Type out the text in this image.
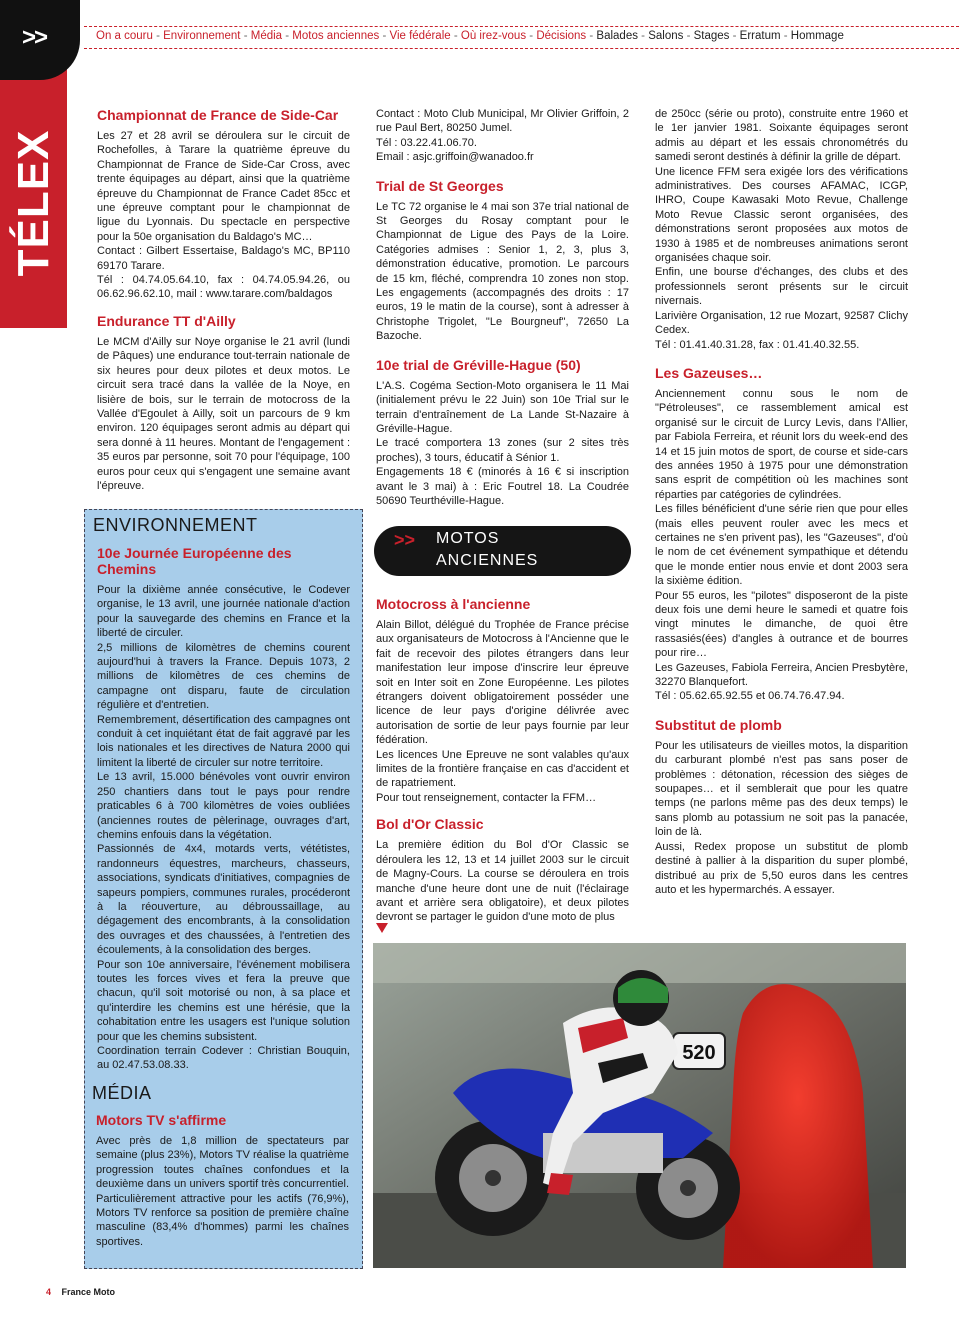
>>
TÉLEX
On a couru - Environnement - Média - Motos anciennes - Vie fédérale - Où irez-vous - Décisions - Balades - Salons - Stages - Erratum - Hommage
Championnat de France de Side-Car

Les 27 et 28 avril se déroulera sur le circuit de Rochefolles, à Tarare la quatrième épreuve du Championnat de France de Side-Car Cross, avec trente équipages au départ, ainsi que la quatrième épreuve du Championnat de France Cadet 85cc et une épreuve comptant pour le championnat de ligue du Lyonnais. Du spectacle en perspective pour la 50e organisation du Baldago's MC…

Contact : Gilbert Essertaise, Baldago's MC, BP110 69170 Tarare.

Tél : 04.74.05.64.10, fax : 04.74.05.94.26, ou 06.62.96.62.10, mail : www.tarare.com/baldagos

Endurance TT d'Ailly

Le MCM d'Ailly sur Noye organise le 21 avril (lundi de Pâques) une endurance tout-terrain nationale de six heures pour deux pilotes et deux motos. Le circuit sera tracé dans la vallée de la Noye, en lisière de bois, sur le terrain de motocross de la Vallée d'Egoulet à Ailly, soit un parcours de 9 km environ. 120 équipages seront admis au départ qui sera donné à 11 heures. Montant de l'engagement : 35 euros par personne, soit 70 pour l'équipage, 100 euros pour ceux qui s'engagent une semaine avant l'épreuve.

ENVIRONNEMENT
10e Journée Européenne des Chemins

Pour la dixième année consécutive, le Codever organise, le 13 avril, une journée nationale d'action pour la sauvegarde des chemins en France et la liberté de circuler.

2,5 millions de kilomètres de chemins courent aujourd'hui à travers la France. Depuis 1073, 2 millions de kilomètres de ces chemins de campagne ont disparu, faute de circulation régulière et d'entretien.

Remembrement, désertification des campagnes ont conduit à cet inquiétant état de fait aggravé par les lois nationales et les directives de Natura 2000 qui limitent la liberté de circuler sur notre territoire.

Le 13 avril, 15.000 bénévoles vont ouvrir environ 250 chantiers dans tout le pays pour rendre praticables 6 à 700 kilomètres de voies oubliées (anciennes routes de pèlerinage, ouvrages d'art, chemins enfouis dans la végétation.

Passionnés de 4x4, motards verts, vététistes, randonneurs équestres, marcheurs, chasseurs, associations, syndicats d'initiatives, compagnies de sapeurs pompiers, communes rurales, procéderont à la réouverture, au débroussaillage, au dégagement des encombrants, à la consolidation des ouvrages et des chaussées, à l'entretien des écoulements, à la consolidation des berges.

Pour son 10e anniversaire, l'événement mobilisera toutes les forces vives et fera la preuve que chacun, qu'il soit motorisé ou non, à sa place et qu'interdire les chemins est une hérésie, que la cohabitation entre les usagers est l'unique solution pour que les chemins subsistent.

Coordination terrain Codever : Christian Bouquin, au 02.47.53.08.33.

MÉDIA
Motors TV s'affirme

Avec près de 1,8 million de spectateurs par semaine (plus 23%), Motors TV réalise la quatrième progression toutes chaînes confondues et la deuxième dans un univers sportif très concurrentiel. Particulièrement attractive pour les actifs (76,9%), Motors TV renforce sa position de première chaîne masculine (83,4% d'hommes) parmi les chaînes sportives.

Contact : Moto Club Municipal, Mr Olivier Griffoin, 2 rue Paul Bert, 80250 Jumel.

Tél : 03.22.41.06.70.

Email : asjc.griffoin@wanadoo.fr

Trial de St Georges

Le TC 72 organise le 4 mai son 37e trial national de St Georges du Rosay comptant pour le Championnat de Ligue des Pays de la Loire. Catégories admises : Senior 1, 2, 3, plus 3, démonstration éducative, promotion. Le parcours de 15 km, fléché, comprendra 10 zones non stop. Les engagements (accompagnés des droits : 17 euros, 19 le matin de la course), sont à adresser à Christophe Trigolet, "Le Bourgneuf", 72650 La Bazoche.

10e trial de Gréville-Hague (50)

L'A.S. Cogéma Section-Moto organisera le 11 Mai (initialement prévu le 22 Juin) son 10e Trial sur le terrain d'entraînement de La Lande St-Nazaire à Gréville-Hague.

Le tracé comportera 13 zones (sur 2 sites très proches), 3 tours, éducatif à Sénior 1.

Engagements 18 € (minorés à 16 € si inscription avant le 3 mai) à : Eric Foutrel 18. La Coudrée 50690 Teurthéville-Hague.

>> MOTOS
ANCIENNES
Motocross à l'ancienne

Alain Billot, délégué du Trophée de France précise aux organisateurs de Motocross à l'Ancienne que le fait de recevoir des pilotes étrangers dans leur manifestation leur impose d'inscrire leur épreuve soit en Inter soit en Zone Européenne. Les pilotes étrangers doivent obligatoirement posséder une licence de leur pays d'origine délivrée avec autorisation de sortie de leur pays fournie par leur fédération.

Les licences Une Epreuve ne sont valables qu'aux limites de la frontière française en cas d'accident et de rapatriement.

Pour tout renseignement, contacter la FFM…

Bol d'Or Classic

La première édition du Bol d'Or Classic se déroulera les 12, 13 et 14 juillet 2003 sur le circuit de Magny-Cours. La course se déroulera en trois manche d'une heure dont une de nuit (l'éclairage avant et arrière sera obligatoire), et deux pilotes devront se partager le guidon d'une moto de plus

de 250cc (série ou proto), construite entre 1960 et le 1er janvier 1981. Soixante équipages seront admis au départ et les essais chronométrés du samedi seront destinés à définir la grille de départ.

Une licence FFM sera exigée lors des vérifications administratives. Des courses AFAMAC, ICGP, IHRO, Coupe Kawasaki Moto Revue, Challenge Moto Revue Classic seront organisées, des démonstrations seront proposées aux motos de 1930 à 1985 et de nombreuses animations seront organisées chaque soir.

Enfin, une bourse d'échanges, des clubs et des professionnels seront présents sur le circuit nivernais.

Larivière Organisation, 12 rue Mozart, 92587 Clichy Cedex.

Tél : 01.41.40.31.28, fax : 01.41.40.32.55.

Les Gazeuses…

Anciennement connu sous le nom de "Pétroleuses", ce rassemblement amical est organisé sur le circuit de Lurcy Levis, dans l'Allier, par Fabiola Ferreira, et réunit lors du week-end des 14 et 15 juin motos de sport, de course et side-cars des années 1950 à 1975 pour une démonstration sans esprit de compétition où les machines sont réparties par catégories de cylindrées.

Les filles bénéficient d'une série rien que pour elles (mais elles peuvent rouler avec les mecs et certaines ne s'en privent pas), les "Gazeuses", d'où le nom de cet événement sympathique et détendu que le monde entier nous envie et dont 2003 sera la sixième édition.

Pour 55 euros, les "pilotes" disposeront de la piste deux fois une demi heure le samedi et quatre fois vingt minutes le dimanche, de quoi être rassasiés(ées) d'angles à outrance et de bourres pour rire…

Les Gazeuses, Fabiola Ferreira, Ancien Presbytère, 32270 Blanquefort.

Tél : 05.62.65.92.55 et 06.74.76.47.94.

Substitut de plomb

Pour les utilisateurs de vieilles motos, la disparition du carburant plombé n'est pas sans poser de problèmes : détonation, récession des sièges de soupapes… et il semblerait que pour les quatre temps (ne parlons même pas des deux temps) le sans plomb au potassium ne soit pas la panacée, loin de là.

Aussi, Redex propose un substitut de plomb destiné à pallier à la disparition du super plombé, distribué au prix de 5,50 euros dans les centres auto et les hypermarchés. A essayer.

520
4 France Moto
